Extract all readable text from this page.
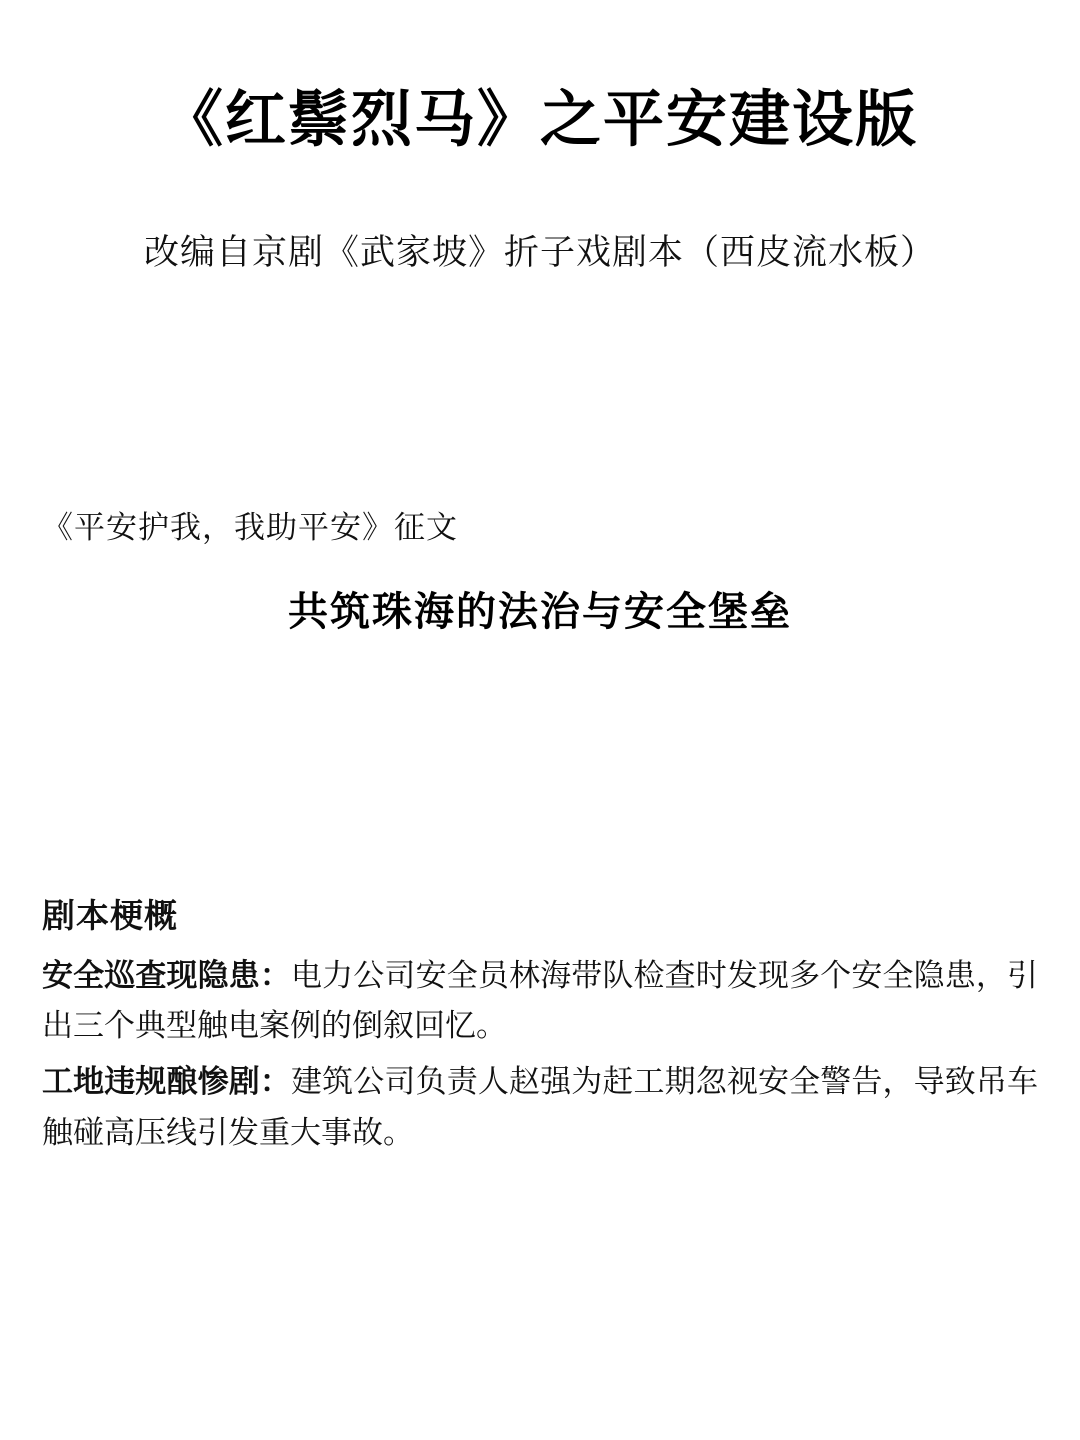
《红鬃烈马》之平安建设版

改编自京剧《武家坡》折子戏剧本（西皮流水板）

《平安护我，我助平安》征文

共筑珠海的法治与安全堡垒
剧本梗概

安全巡查现隐患：电力公司安全员林海带队检查时发现多个安全隐患，引出三个典型触电案例的倒叙回忆。

工地违规酿惨剧：建筑公司负责人赵强为赶工期忽视安全警告，导致吊车触碰高压线引发重大事故。
